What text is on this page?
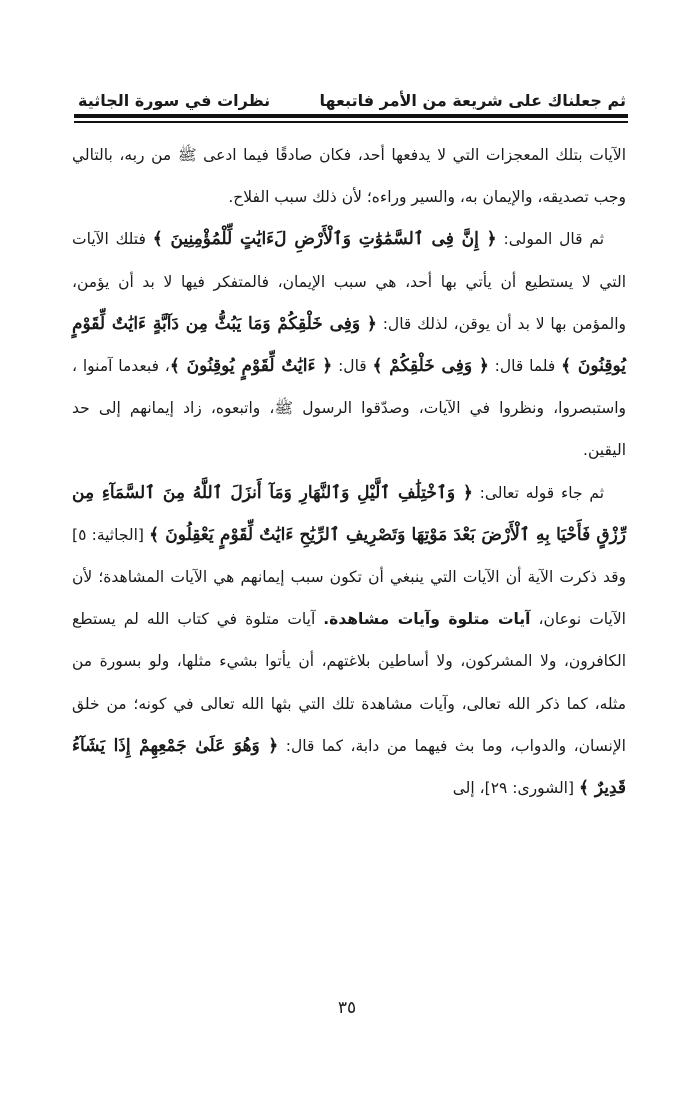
ثم جعلناك على شريعة من الأمر فاتبعها
نظرات في سورة الجاثية

الآيات بتلك المعجزات التي لا يدفعها أحد، فكان صادقًا فيما ادعى ﷺ من ربه، بالتالي وجب تصديقه، والإيمان به، والسير وراءه؛ لأن ذلك سبب الفلاح.

ثم قال المولى: ﴿ إِنَّ فِى ٱلسَّمَٰوَٰتِ وَٱلْأَرْضِ لَءَايَٰتٍ لِّلْمُؤْمِنِينَ ﴾ فتلك الآيات التي لا يستطيع أن يأتي بها أحد، هي سبب الإيمان، فالمتفكر فيها لا بد أن يؤمن، والمؤمن بها لا بد أن يوقن، لذلك قال: ﴿ وَفِى خَلْقِكُمْ وَمَا يَبُثُّ مِن دَآبَّةٍ ءَايَٰتٌ لِّقَوْمٍ يُوقِنُونَ ﴾ فلما قال: ﴿ وَفِى خَلْقِكُمْ ﴾ قال: ﴿ ءَايَٰتٌ لِّقَوْمٍ يُوقِنُونَ ﴾، فبعدما آمنوا ، واستبصروا، ونظروا في الآيات، وصدّقوا الرسول ﷺ، واتبعوه، زاد إيمانهم إلى حد اليقين.

ثم جاء قوله تعالى: ﴿ وَٱخْتِلَٰفِ ٱلَّيْلِ وَٱلنَّهَارِ وَمَآ أَنزَلَ ٱللَّهُ مِنَ ٱلسَّمَآءِ مِن رِّزْقٍ فَأَحْيَا بِهِ ٱلْأَرْضَ بَعْدَ مَوْتِهَا وَتَصْرِيفِ ٱلرِّيَٰحِ ءَايَٰتٌ لِّقَوْمٍ يَعْقِلُونَ ﴾ [الجاثية: ٥] وقد ذكرت الآية أن الآيات التي ينبغي أن تكون سبب إيمانهم هي الآيات المشاهدة؛ لأن الآيات نوعان، آيات متلوة وآيات مشاهدة. آيات متلوة في كتاب الله لم يستطع الكافرون، ولا المشركون، ولا أساطين بلاغتهم، أن يأتوا بشيء مثلها، ولو بسورة من مثله، كما ذكر الله تعالى، وآيات مشاهدة تلك التي بثها الله تعالى في كونه؛ من خلق الإنسان، والدواب، وما بث فيهما من دابة، كما قال: ﴿ وَهُوَ عَلَىٰ جَمْعِهِمْ إِذَا يَشَآءُ قَدِيرٌ ﴾ [الشورى: ٢٩]، إلى

٣٥
